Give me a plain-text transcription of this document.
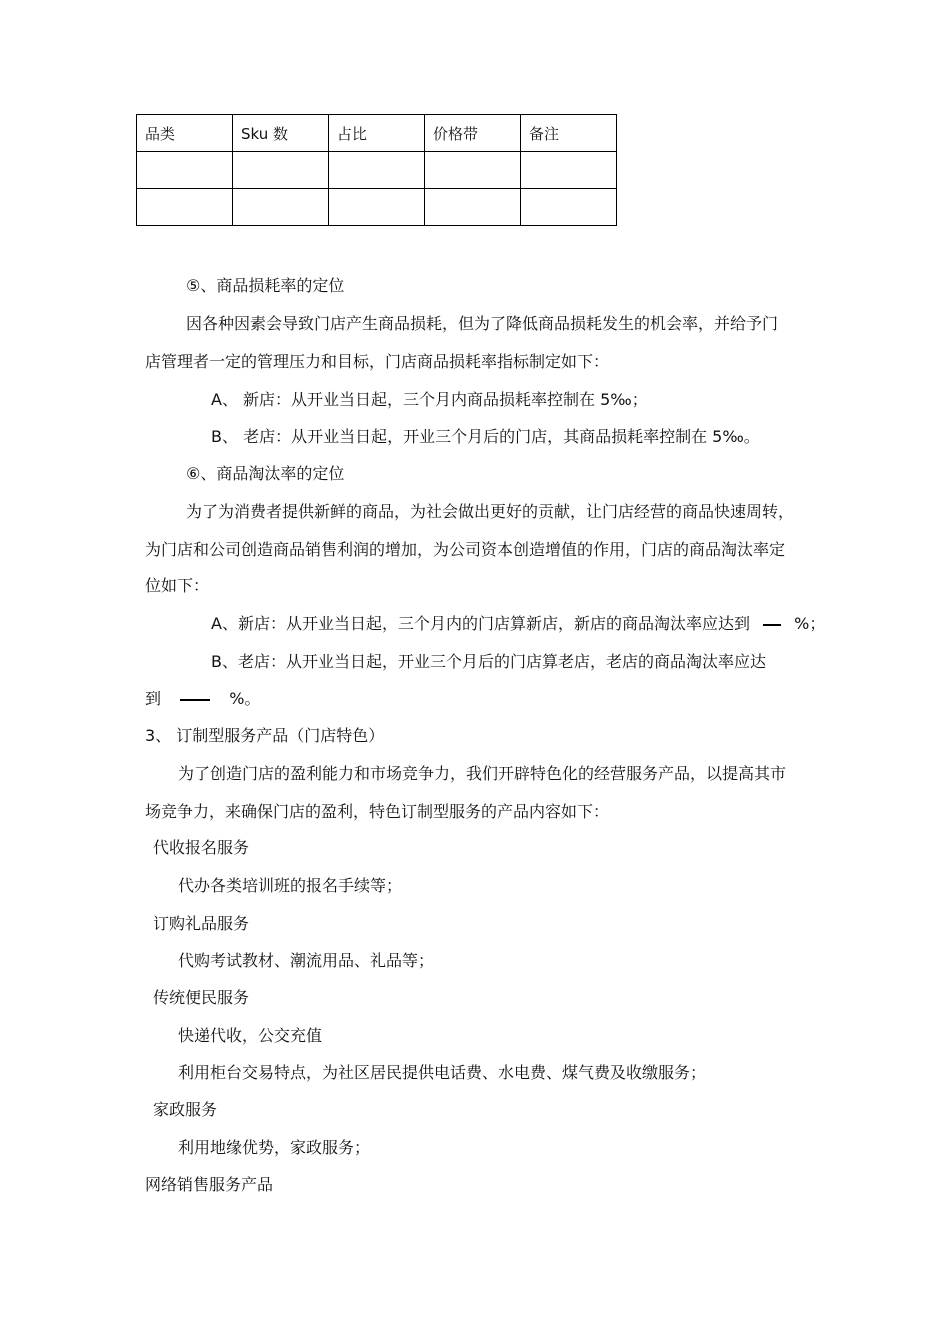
品类	Sku 数	占比	价格带	备注

⑤、商品损耗率的定位
因各种因素会导致门店产生商品损耗，但为了降低商品损耗发生的机会率，并给予门
店管理者一定的管理压力和目标，门店商品损耗率指标制定如下：
A、 新店：从开业当日起，三个月内商品损耗率控制在 5‰；
B、 老店：从开业当日起，开业三个月后的门店，其商品损耗率控制在 5‰。
⑥、商品淘汰率的定位
为了为消费者提供新鲜的商品，为社会做出更好的贡献，让门店经营的商品快速周转，
为门店和公司创造商品销售利润的增加，为公司资本创造增值的作用，门店的商品淘汰率定
位如下：
A、新店：从开业当日起，三个月内的门店算新店，新店的商品淘汰率应达到	%；
B、老店：从开业当日起，开业三个月后的门店算老店，老店的商品淘汰率应达
到	%。
3、 订制型服务产品（门店特色）
为了创造门店的盈利能力和市场竞争力，我们开辟特色化的经营服务产品，以提高其市
场竞争力，来确保门店的盈利，特色订制型服务的产品内容如下：
代收报名服务
代办各类培训班的报名手续等；
订购礼品服务
代购考试教材、潮流用品、礼品等；
传统便民服务
快递代收，公交充值
利用柜台交易特点，为社区居民提供电话费、水电费、煤气费及收缴服务；
家政服务
利用地缘优势，家政服务；
网络销售服务产品
